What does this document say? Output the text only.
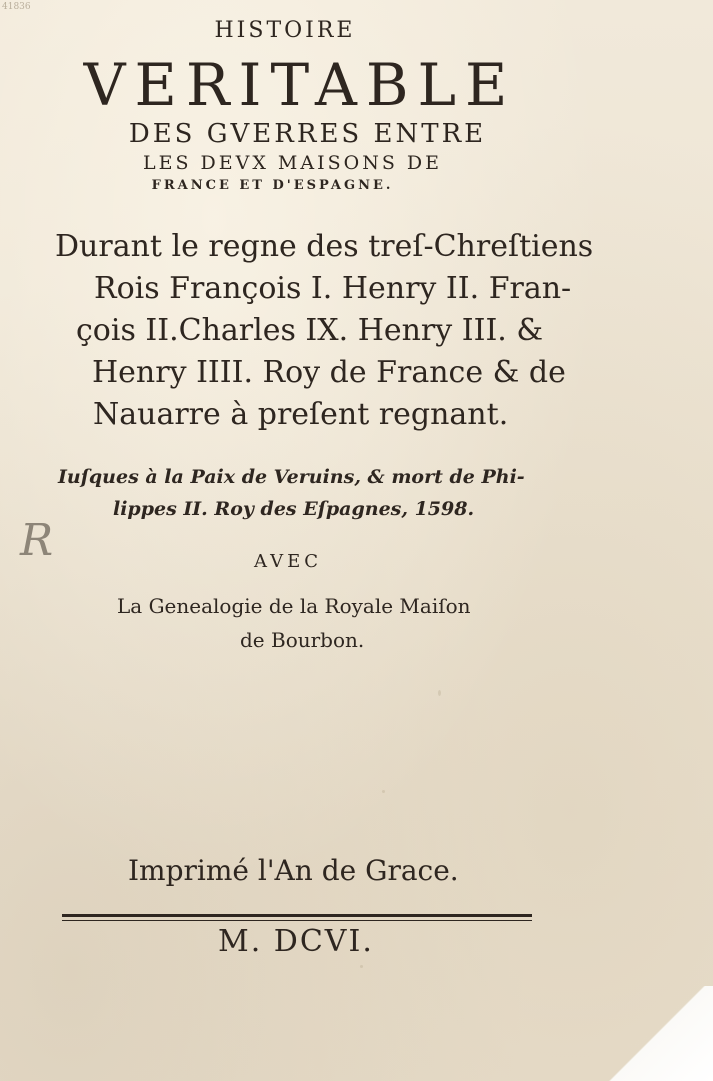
41836
HISTOIRE
VERITABLE
DES GVERRES ENTRE
LES DEVX MAISONS DE
FRANCE ET D'ESPAGNE.
Durant le regne des treſ-Chreſtiens
Rois François I. Henry II. Fran-
çois II.Charles IX. Henry III. &
Henry IIII. Roy de France & de
Nauarre à preſent regnant.
Iuſques à la Paix de Veruins, & mort de Phi-
lippes II. Roy des Eſpagnes, 1598.
R	AVEC
La Genealogie de la Royale Maiſon
de Bourbon.
Imprimé l'An de Grace.
M. DCVI.
